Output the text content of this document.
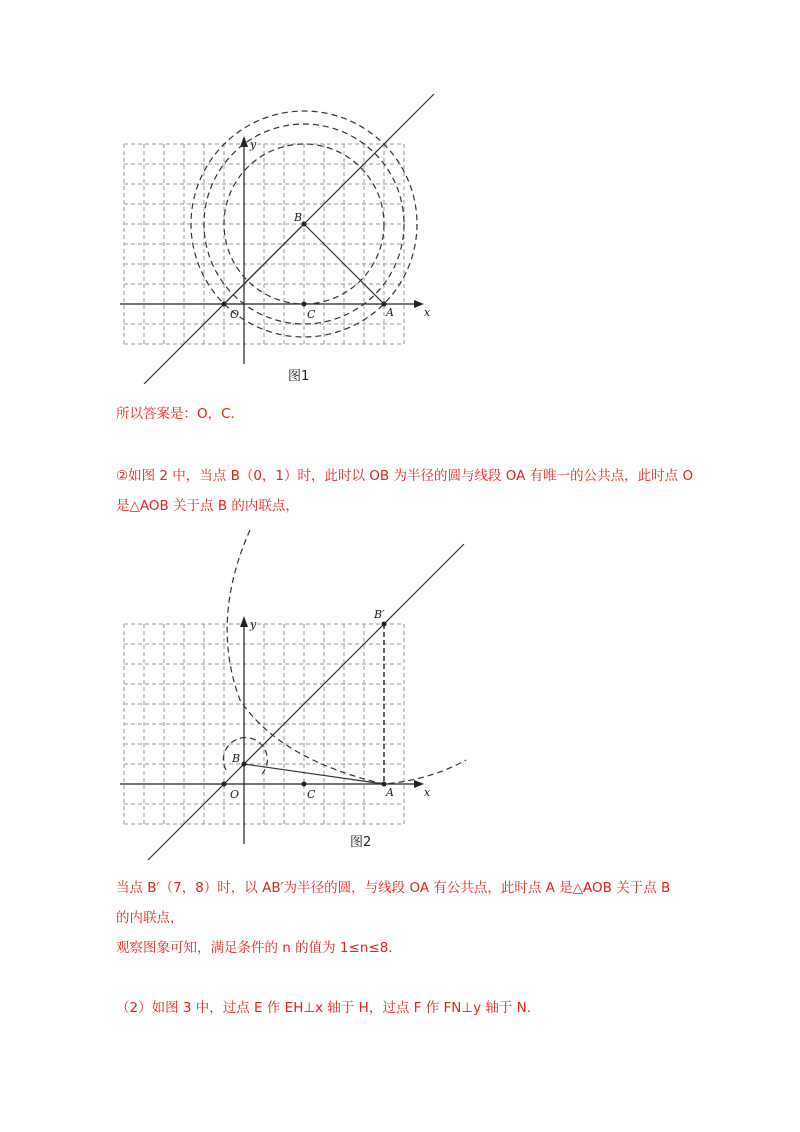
B
O	C	A	x
y
图1
所以答案是：O，C．
②如图 2 中，当点 B（0，1）时，此时以 OB 为半径的圆与线段 OA 有唯一的公共点，此时点 O
是△AOB 关于点 B 的内联点，
B′
B
O	C	A	x
y
图2
当点 B′（7，8）时，以 AB′为半径的圆，与线段 OA 有公共点，此时点 A 是△AOB 关于点 B
的内联点，
观察图象可知，满足条件的 n 的值为 1≤n≤8.
（2）如图 3 中，过点 E 作 EH⊥x 轴于 H，过点 F 作 FN⊥y 轴于 N.
